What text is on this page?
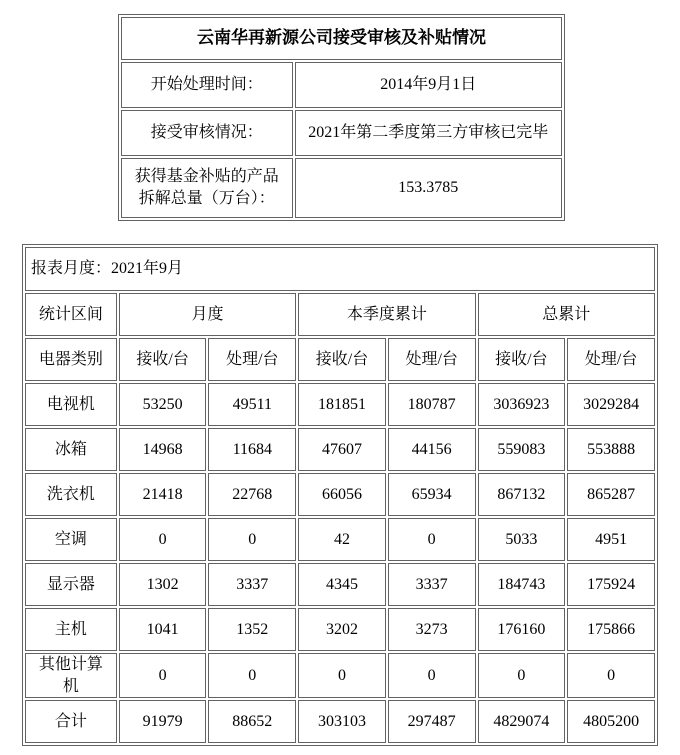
云南华再新源公司接受审核及补贴情况	
开始处理时间：	2014年9月1日
接受审核情况：	2021年第二季度第三方审核已完毕
获得基金补贴的产品拆解总量（万台）：	153.3785
报表月度：2021年9月						
统计区间	月度		本季度累计		总累计	
电器类别	接收/台	处理/台	接收/台	处理/台	接收/台	处理/台
电视机	53250	49511	181851	180787	3036923	3029284
冰箱	14968	11684	47607	44156	559083	553888
洗衣机	21418	22768	66056	65934	867132	865287
空调	0	0	42	0	5033	4951
显示器	1302	3337	4345	3337	184743	175924
主机	1041	1352	3202	3273	176160	175866
其他计算机	0	0	0	0	0	0
合计	91979	88652	303103	297487	4829074	4805200
